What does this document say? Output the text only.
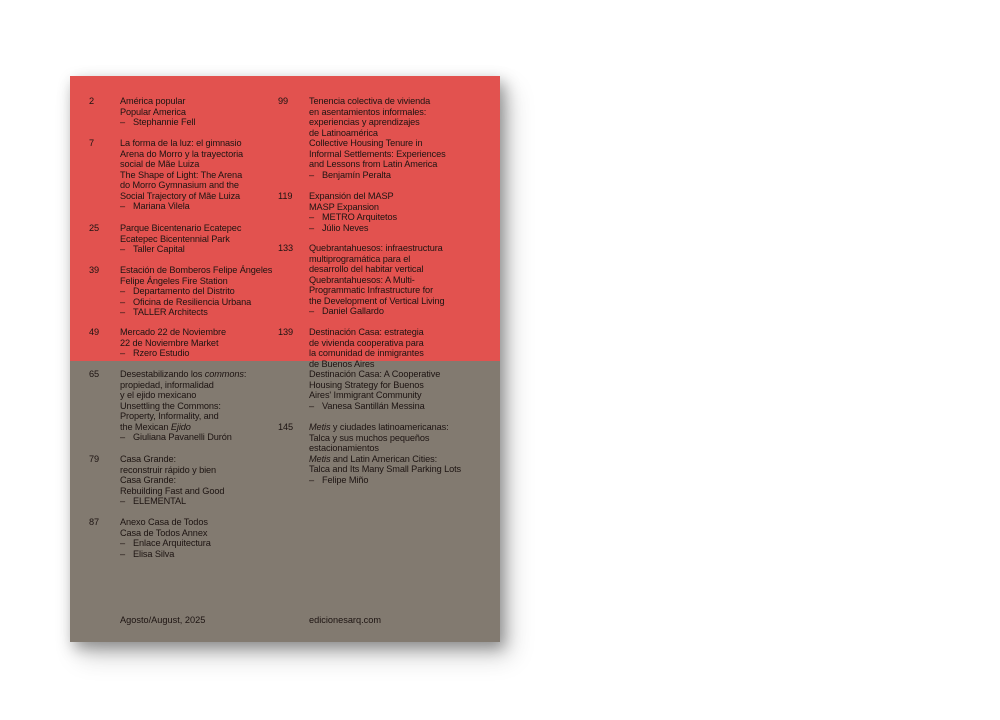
2	América popular
Popular America
– Stephannie Fell
7	La forma de la luz: el gimnasio
Arena do Morro y la trayectoria
social de Mãe Luiza
The Shape of Light: The Arena
do Morro Gymnasium and the
Social Trajectory of Mãe Luiza
– Mariana Vilela
25	Parque Bicentenario Ecatepec
Ecatepec Bicentennial Park
– Taller Capital
39	Estación de Bomberos Felipe Ángeles
Felipe Ángeles Fire Station
– Departamento del Distrito
– Oficina de Resiliencia Urbana
– TALLER Architects
49	Mercado 22 de Noviembre
22 de Noviembre Market
– Rzero Estudio
65	Desestabilizando los commons:
propiedad, informalidad
y el ejido mexicano
Unsettling the Commons:
Property, Informality, and
the Mexican Ejido
– Giuliana Pavanelli Durón
79	Casa Grande:
reconstruir rápido y bien
Casa Grande:
Rebuilding Fast and Good
– ELEMENTAL
87	Anexo Casa de Todos
Casa de Todos Annex
– Enlace Arquitectura
– Elisa Silva
99	Tenencia colectiva de vivienda
en asentamientos informales:
experiencias y aprendizajes
de Latinoamérica
Collective Housing Tenure in
Informal Settlements: Experiences
and Lessons from Latin America
– Benjamín Peralta
119	Expansión del MASP
MASP Expansion
– METRO Arquitetos
– Júlio Neves
133	Quebrantahuesos: infraestructura
multiprogramática para el
desarrollo del habitar vertical
Quebrantahuesos: A Multi-
Programmatic Infrastructure for
the Development of Vertical Living
– Daniel Gallardo
139	Destinación Casa: estrategia
de vivienda cooperativa para
la comunidad de inmigrantes
de Buenos Aires
Destinación Casa: A Cooperative
Housing Strategy for Buenos
Aires' Immigrant Community
– Vanesa Santillán Messina
145	Metis y ciudades latinoamericanas:
Talca y sus muchos pequeños
estacionamientos
Metis and Latin American Cities:
Talca and Its Many Small Parking Lots
– Felipe Miño
Agosto/August, 2025	edicionesarq.com
